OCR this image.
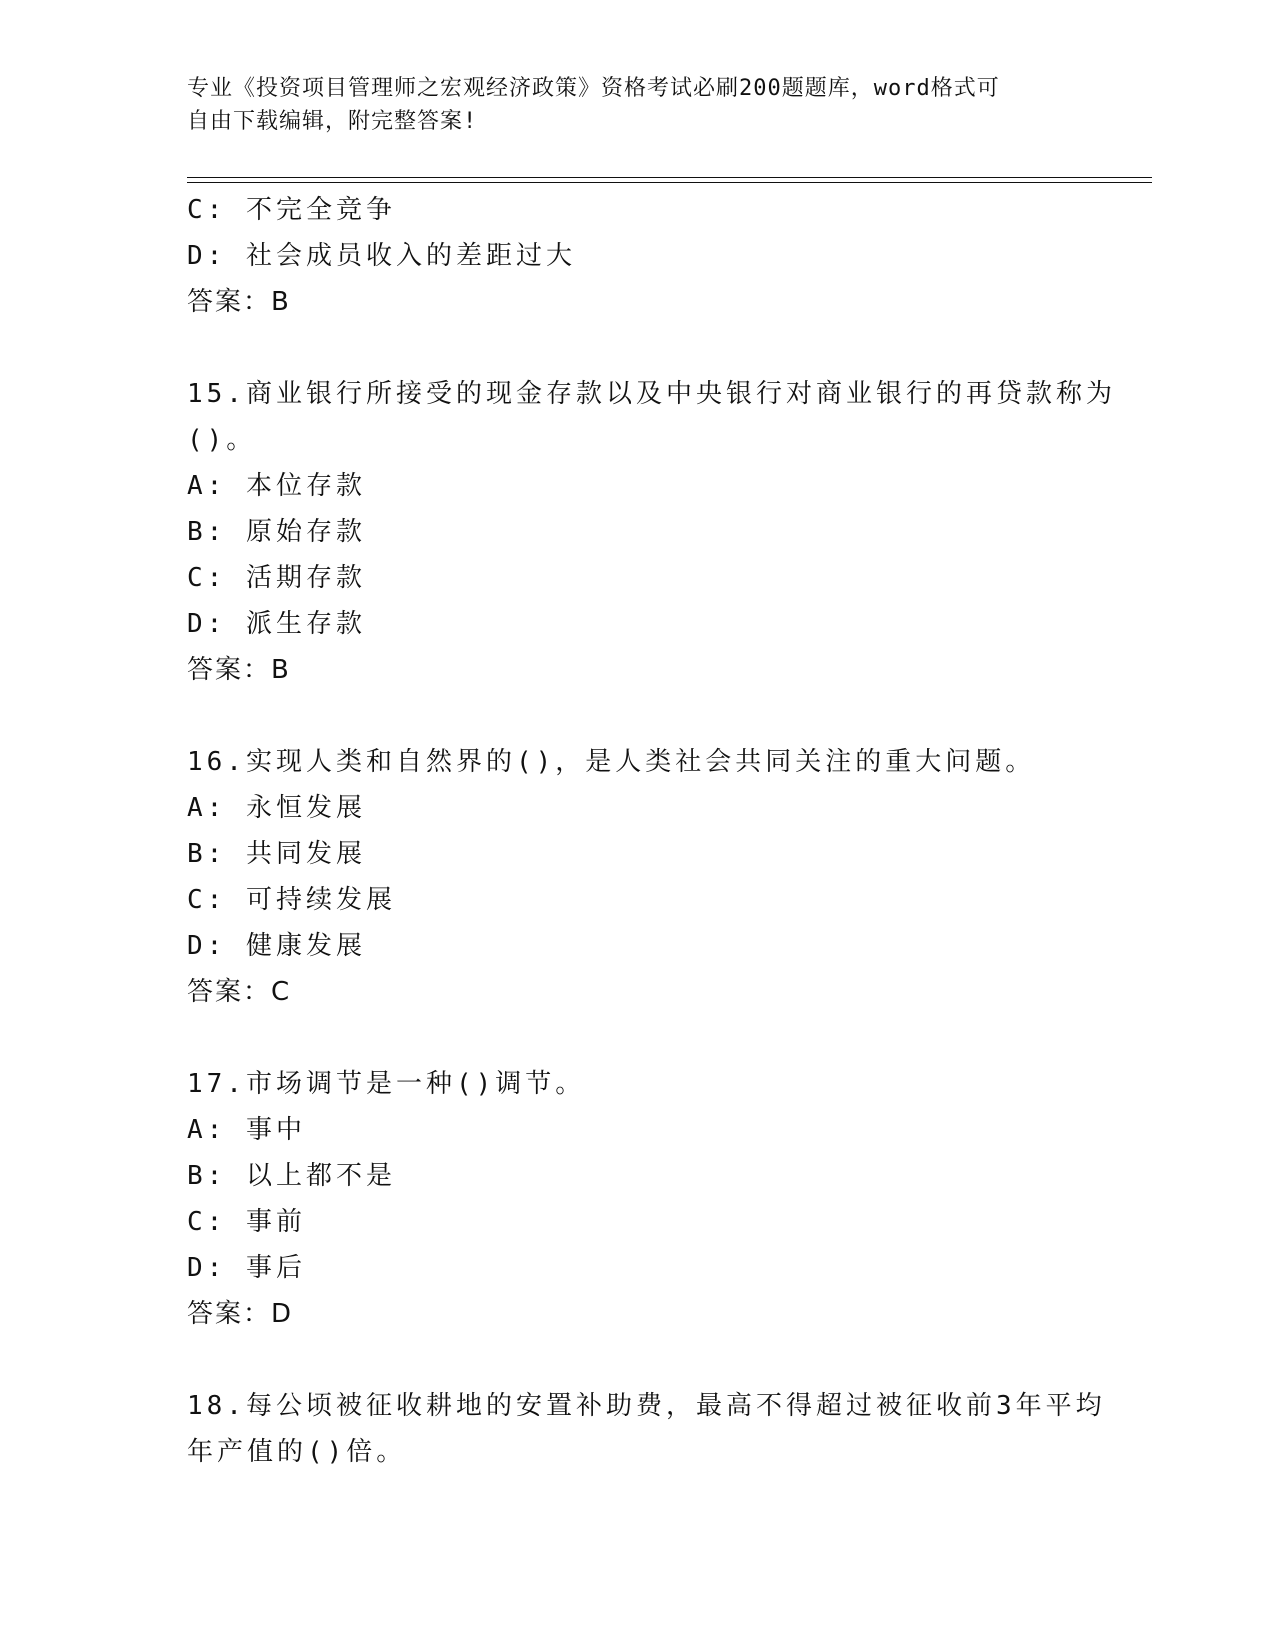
专业《投资项目管理师之宏观经济政策》资格考试必刷200题题库，word格式可
自由下载编辑，附完整答案!
C: 不完全竞争
D: 社会成员收入的差距过大
答案：B
15.商业银行所接受的现金存款以及中央银行对商业银行的再贷款称为
()。
A: 本位存款
B: 原始存款
C: 活期存款
D: 派生存款
答案：B
16.实现人类和自然界的()，是人类社会共同关注的重大问题。
A: 永恒发展
B: 共同发展
C: 可持续发展
D: 健康发展
答案：C
17.市场调节是一种()调节。
A: 事中
B: 以上都不是
C: 事前
D: 事后
答案：D
18.每公顷被征收耕地的安置补助费，最高不得超过被征收前3年平均
年产值的()倍。
